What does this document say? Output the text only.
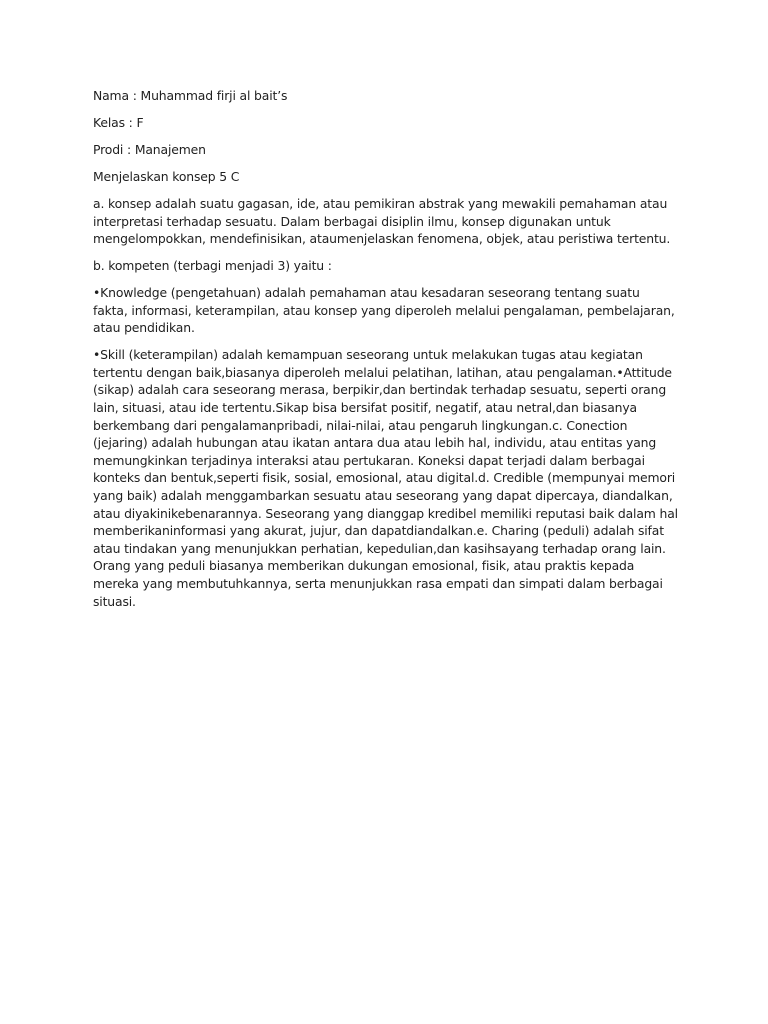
Nama : Muhammad firji al bait’s

Kelas : F

Prodi : Manajemen

Menjelaskan konsep 5 C

a. konsep adalah suatu gagasan, ide, atau pemikiran abstrak yang mewakili pemahaman atau interpretasi terhadap sesuatu. Dalam berbagai disiplin ilmu, konsep digunakan untuk mengelompokkan, mendefinisikan, ataumenjelaskan fenomena, objek, atau peristiwa tertentu.

b. kompeten (terbagi menjadi 3) yaitu :

•Knowledge (pengetahuan) adalah pemahaman atau kesadaran seseorang tentang suatu fakta, informasi, keterampilan, atau konsep yang diperoleh melalui pengalaman, pembelajaran, atau pendidikan.

•Skill (keterampilan) adalah kemampuan seseorang untuk melakukan tugas atau kegiatan tertentu dengan baik,biasanya diperoleh melalui pelatihan, latihan, atau pengalaman.•Attitude (sikap) adalah cara seseorang merasa, berpikir,dan bertindak terhadap sesuatu, seperti orang lain, situasi, atau ide tertentu.Sikap bisa bersifat positif, negatif, atau netral,dan biasanya berkembang dari pengalamanpribadi, nilai-nilai, atau pengaruh lingkungan.c. Conection (jejaring) adalah hubungan atau ikatan antara dua atau lebih hal, individu, atau entitas yang memungkinkan terjadinya interaksi atau pertukaran. Koneksi dapat terjadi dalam berbagai konteks dan bentuk,seperti fisik, sosial, emosional, atau digital.d. Credible (mempunyai memori yang baik) adalah menggambarkan sesuatu atau seseorang yang dapat dipercaya, diandalkan, atau diyakinikebenarannya. Seseorang yang dianggap kredibel memiliki reputasi baik dalam hal memberikaninformasi yang akurat, jujur, dan dapatdiandalkan.e. Charing (peduli) adalah sifat atau tindakan yang menunjukkan perhatian, kepedulian,dan kasihsayang terhadap orang lain. Orang yang peduli biasanya memberikan dukungan emosional, fisik, atau praktis kepada mereka yang membutuhkannya, serta menunjukkan rasa empati dan simpati dalam berbagai situasi.
